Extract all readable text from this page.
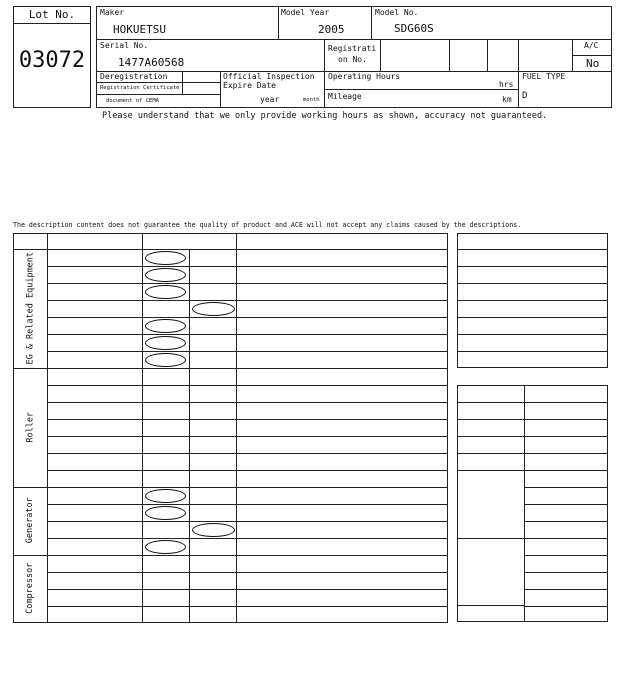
Lot No.
03072
Maker
HOKUETSU
Model Year
2005
Model No.
SDG60S
Serial No.
1477A60568
Registrati
on No.
A/C
No
Deregistration
Registration Certificate
document of CEMA
Official Inspection
Expire Date
year	month
Operating Hours
hrs
Mileage	km
FUEL TYPE
D
Please understand that we only provide working hours as shown, accuracy not guaranteed.
The description content does not guarantee the quality of product and ACE will not accept any claims caused by the descriptions.
EG & Related Equipment
Roller
Generator
Compressor
